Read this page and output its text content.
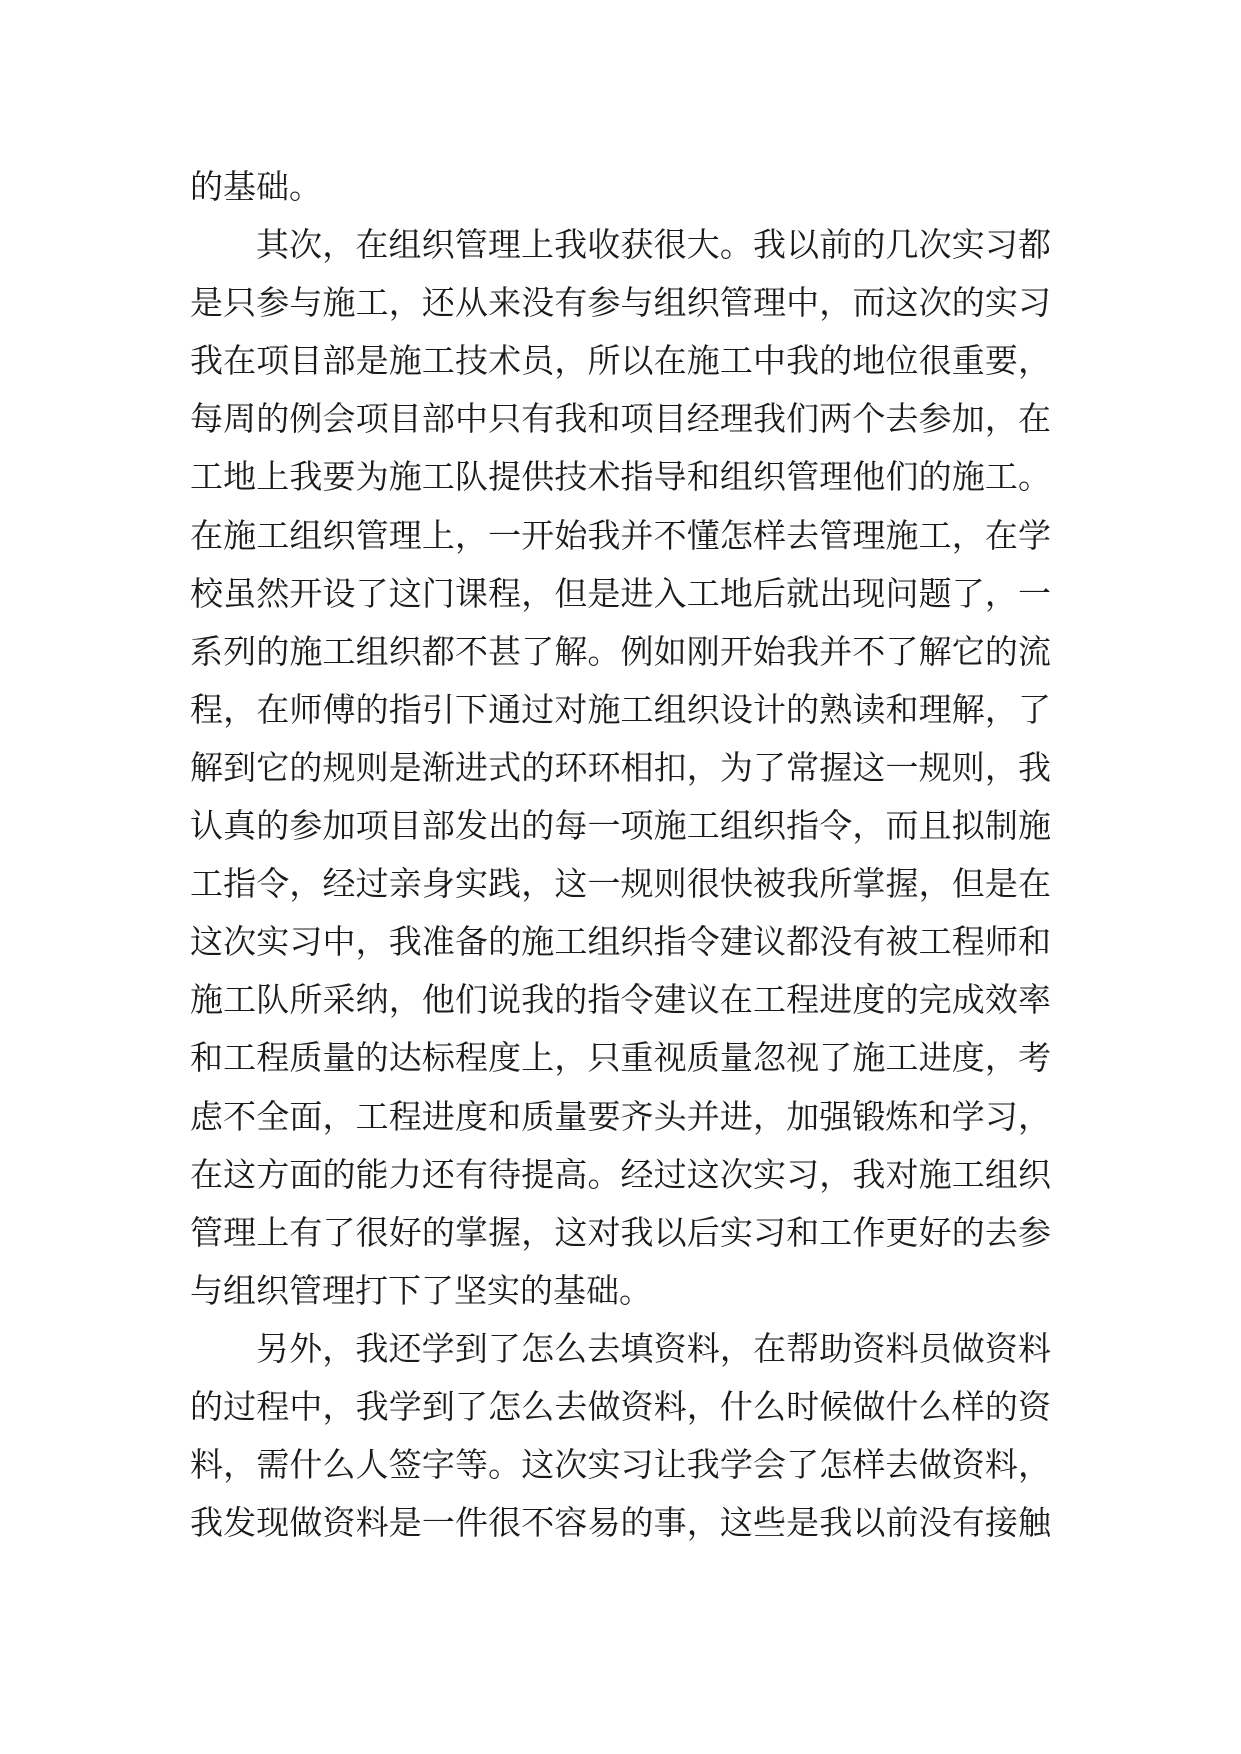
的基础。
其次，在组织管理上我收获很大。我以前的几次实习都
是只参与施工，还从来没有参与组织管理中，而这次的实习
我在项目部是施工技术员，所以在施工中我的地位很重要，
每周的例会项目部中只有我和项目经理我们两个去参加，在
工地上我要为施工队提供技术指导和组织管理他们的施工。
在施工组织管理上，一开始我并不懂怎样去管理施工，在学
校虽然开设了这门课程，但是进入工地后就出现问题了，一
系列的施工组织都不甚了解。例如刚开始我并不了解它的流
程，在师傅的指引下通过对施工组织设计的熟读和理解，了
解到它的规则是渐进式的环环相扣，为了常握这一规则，我
认真的参加项目部发出的每一项施工组织指令，而且拟制施
工指令，经过亲身实践，这一规则很快被我所掌握，但是在
这次实习中，我准备的施工组织指令建议都没有被工程师和
施工队所采纳，他们说我的指令建议在工程进度的完成效率
和工程质量的达标程度上，只重视质量忽视了施工进度，考
虑不全面，工程进度和质量要齐头并进，加强锻炼和学习，
在这方面的能力还有待提高。经过这次实习，我对施工组织
管理上有了很好的掌握，这对我以后实习和工作更好的去参
与组织管理打下了坚实的基础。
另外，我还学到了怎么去填资料，在帮助资料员做资料
的过程中，我学到了怎么去做资料，什么时候做什么样的资
料，需什么人签字等。这次实习让我学会了怎样去做资料，
我发现做资料是一件很不容易的事，这些是我以前没有接触
